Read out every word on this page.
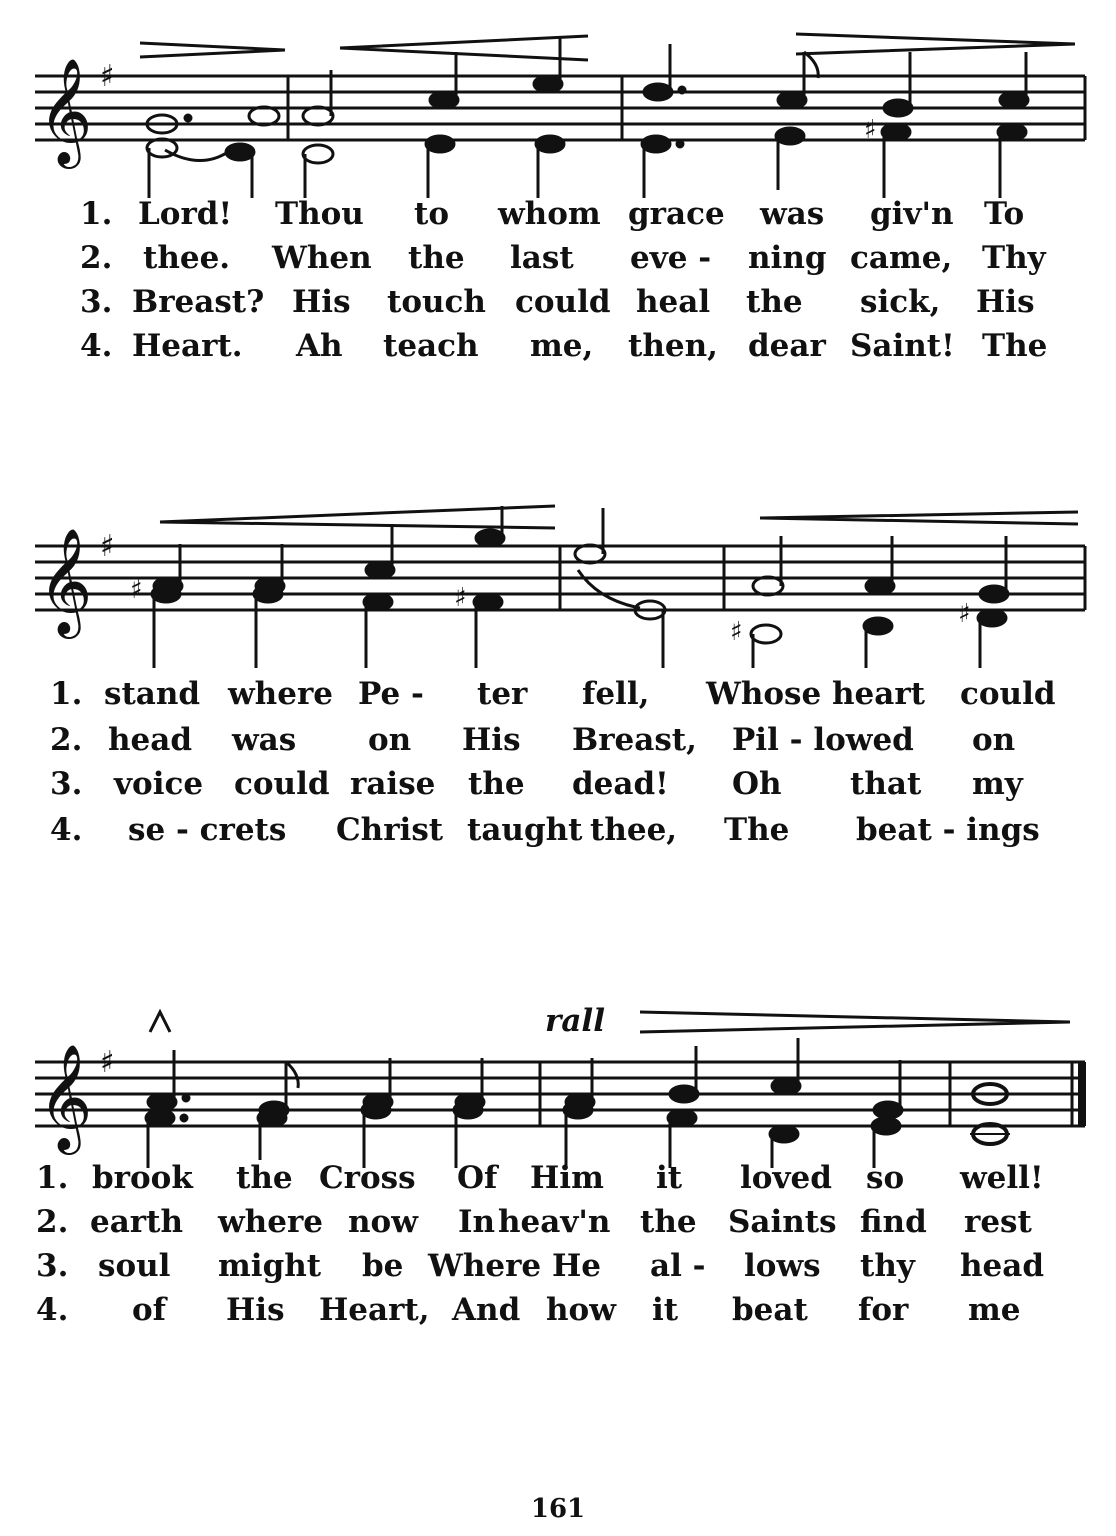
𝄞 ♯
♯
1. Lord! Thou to whom grace was giv'n To
2. thee. When the last eve - ning came, Thy
3. Breast? His touch could heal the sick, His
4. Heart. Ah teach me, then, dear Saint! The
𝄞 ♯
♯	♯
♯
♯
1. stand where Pe - ter fell, Whose heart could
2. head was on His Breast, Pil - lowed on
3. voice could raise the dead! Oh that my
4. se - crets Christ taught thee, The beat - ings
rall
𝄞 ♯
1. brook the Cross Of Him it loved so well!
2. earth where now In heav'n the Saints find rest
3. soul might be Where He al - lows thy head
4. of His Heart, And how it beat for me
161
